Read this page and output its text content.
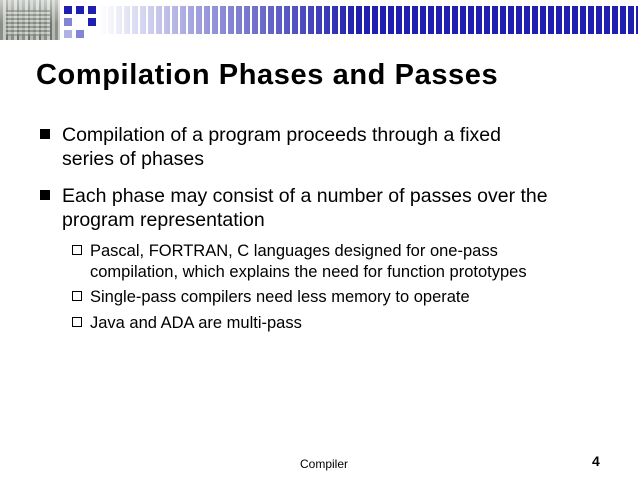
Compilation Phases and Passes
Compilation of a program proceeds through a fixed
series of phases
Each phase may consist of a number of passes over the
program representation
Pascal, FORTRAN, C languages designed for one-pass
compilation, which explains the need for function prototypes
Single-pass compilers need less memory to operate
Java and ADA are multi-pass
Compiler	4
